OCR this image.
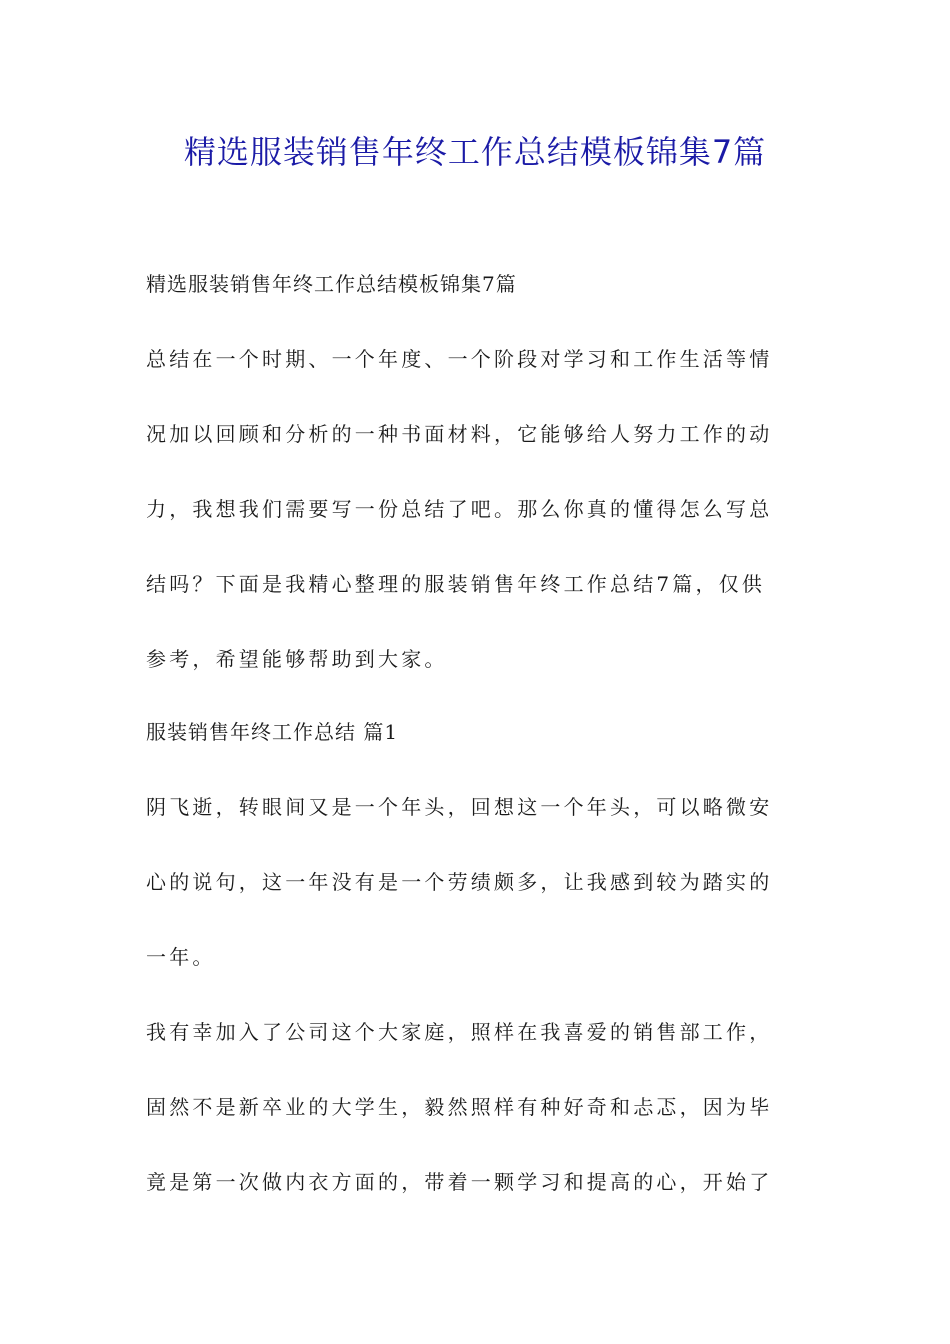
精选服装销售年终工作总结模板锦集7篇
精选服装销售年终工作总结模板锦集7篇
总结在一个时期、一个年度、一个阶段对学习和工作生活等情
况加以回顾和分析的一种书面材料，它能够给人努力工作的动
力，我想我们需要写一份总结了吧。那么你真的懂得怎么写总
结吗？下面是我精心整理的服装销售年终工作总结7篇，仅供
参考，希望能够帮助到大家。
服装销售年终工作总结 篇1
阴飞逝，转眼间又是一个年头，回想这一个年头，可以略微安
心的说句，这一年没有是一个劳绩颇多，让我感到较为踏实的
一年。
我有幸加入了公司这个大家庭，照样在我喜爱的销售部工作，
固然不是新卒业的大学生，毅然照样有种好奇和忐忑，因为毕
竟是第一次做内衣方面的，带着一颗学习和提高的心，开始了
